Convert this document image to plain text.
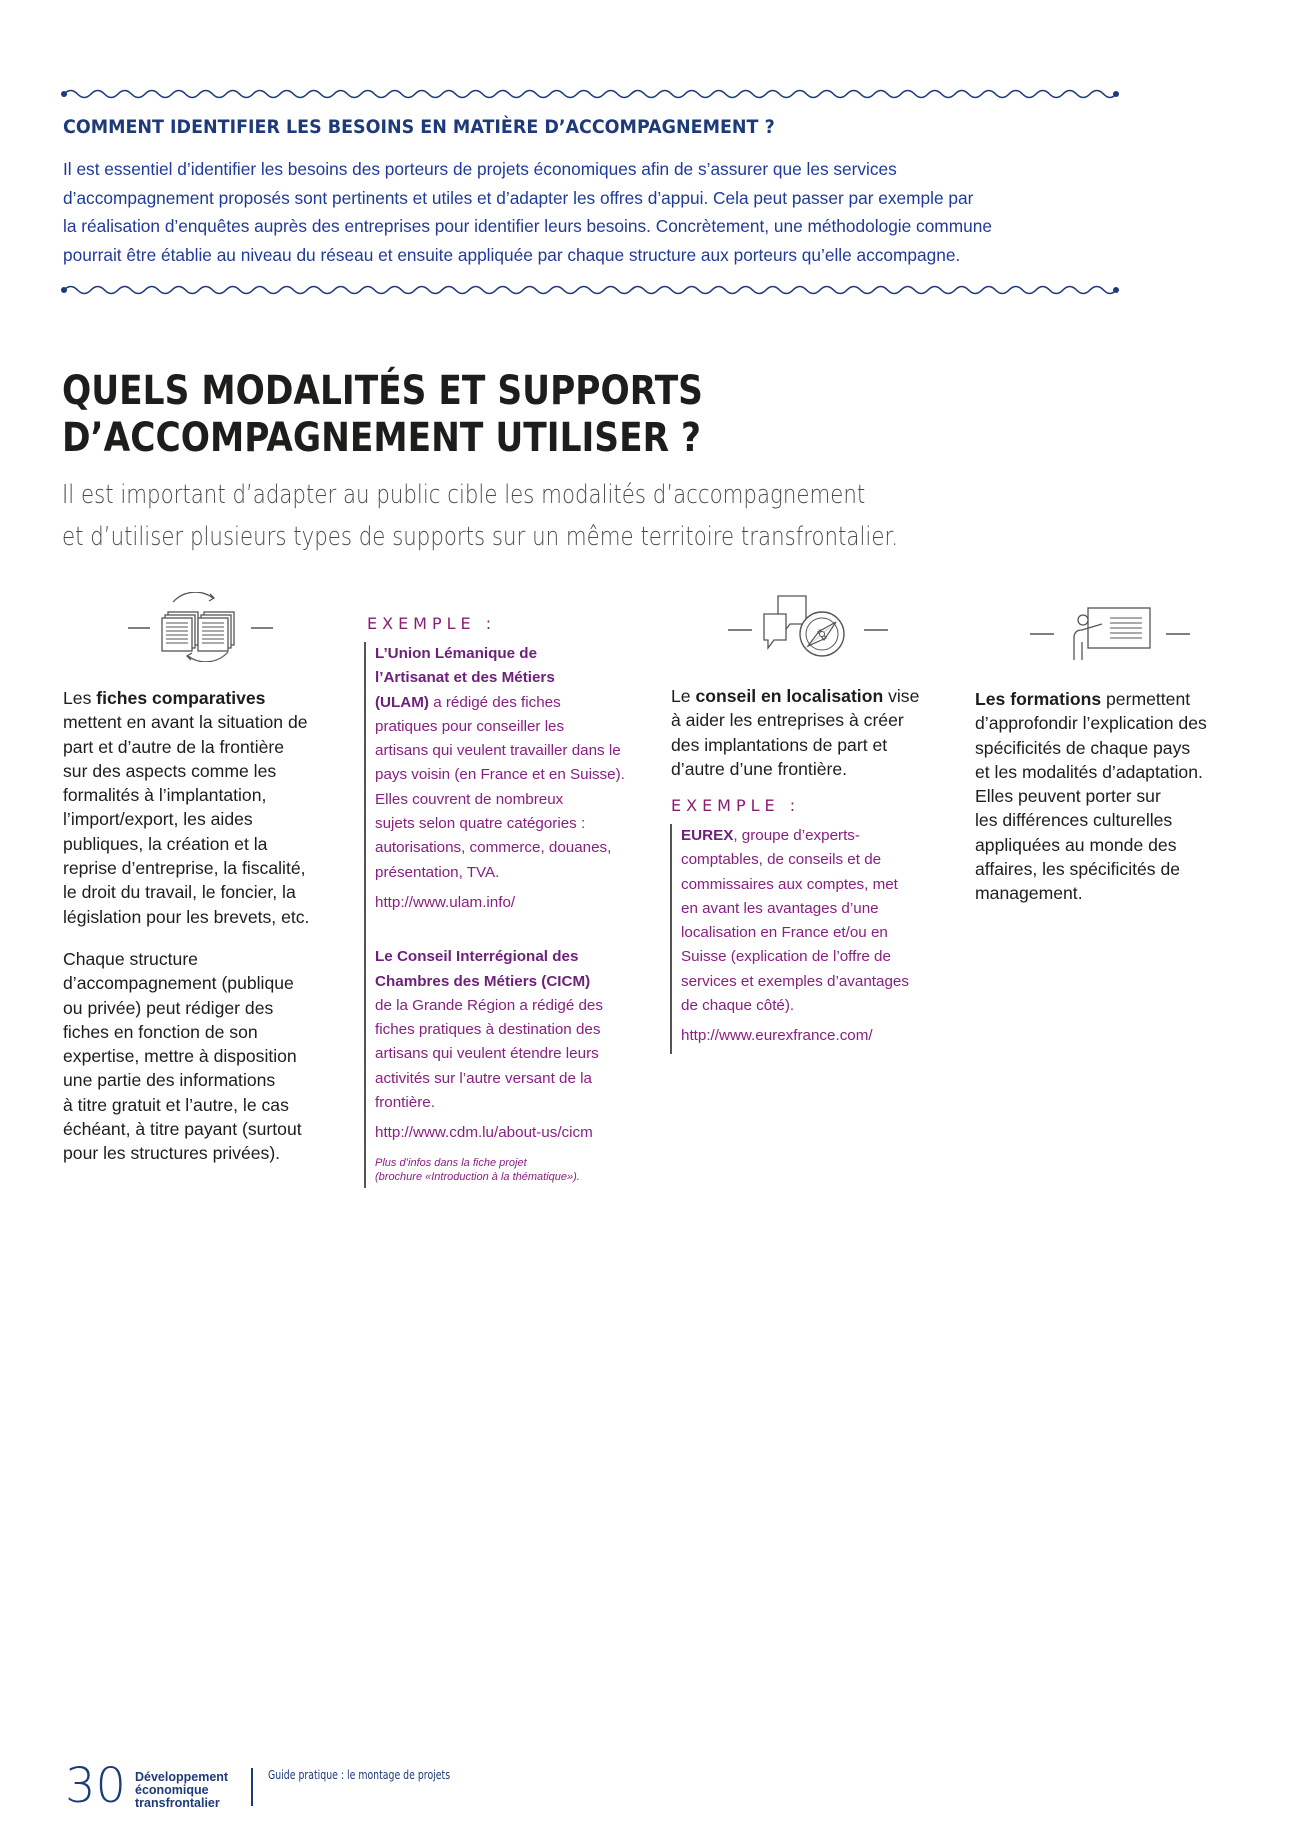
COMMENT IDENTIFIER LES BESOINS EN MATIÈRE D’ACCOMPAGNEMENT ?
Il est essentiel d’identifier les besoins des porteurs de projets économiques afin de s’assurer que les services
d’accompagnement proposés sont pertinents et utiles et d’adapter les offres d’appui. Cela peut passer par exemple par
la réalisation d’enquêtes auprès des entreprises pour identifier leurs besoins. Concrètement, une méthodologie commune
pourrait être établie au niveau du réseau et ensuite appliquée par chaque structure aux porteurs qu’elle accompagne.
QUELS MODALITÉS ET SUPPORTS
D’ACCOMPAGNEMENT UTILISER ?
Il est important d’adapter au public cible les modalités d’accompagnement
et d’utiliser plusieurs types de supports sur un même territoire transfrontalier.
Les fiches comparatives
mettent en avant la situation de
part et d’autre de la frontière
sur des aspects comme les
formalités à l’implantation,
l’import/export, les aides
publiques, la création et la
reprise d’entreprise, la fiscalité,
le droit du travail, le foncier, la
législation pour les brevets, etc.
Chaque structure
d’accompagnement (publique
ou privée) peut rédiger des
fiches en fonction de son
expertise, mettre à disposition
une partie des informations
à titre gratuit et l’autre, le cas
échéant, à titre payant (surtout
pour les structures privées).
EXEMPLE :
L’Union Lémanique de
l’Artisanat et des Métiers
(ULAM) a rédigé des fiches
pratiques pour conseiller les
artisans qui veulent travailler dans le
pays voisin (en France et en Suisse).
Elles couvrent de nombreux
sujets selon quatre catégories :
autorisations, commerce, douanes,
présentation, TVA.
http://www.ulam.info/
Le Conseil Interrégional des
Chambres des Métiers (CICM)
de la Grande Région a rédigé des
fiches pratiques à destination des
artisans qui veulent étendre leurs
activités sur l’autre versant de la
frontière.
http://www.cdm.lu/about-us/cicm
Plus d’infos dans la fiche projet
(brochure «Introduction à la thématique»).
Le conseil en localisation vise
à aider les entreprises à créer
des implantations de part et
d’autre d’une frontière.
EXEMPLE :
EUREX, groupe d’experts-
comptables, de conseils et de
commissaires aux comptes, met
en avant les avantages d’une
localisation en France et/ou en
Suisse (explication de l’offre de
services et exemples d’avantages
de chaque côté).
http://www.eurexfrance.com/
Les formations permettent
d’approfondir l’explication des
spécificités de chaque pays
et les modalités d’adaptation.
Elles peuvent porter sur
les différences culturelles
appliquées au monde des
affaires, les spécificités de
management.
30 Développement
économique
transfrontalier
Guide pratique : le montage de projets
